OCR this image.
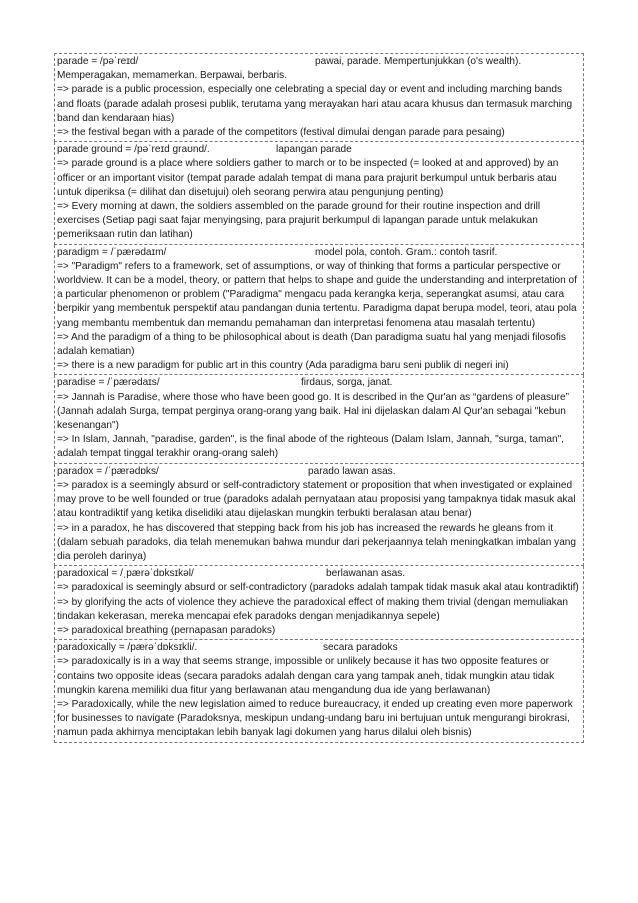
parade = /pəˈreɪd/	pawai, parade. Mempertunjukkan (o's wealth).
Memperagakan, memamerkan. Berpawai, berbaris.
=> parade is a public procession, especially one celebrating a special day or event and including marching bands and floats (parade adalah prosesi publik, terutama yang merayakan hari atau acara khusus dan termasuk marching band dan kendaraan hias)
=> the festival began with a parade of the competitors (festival dimulai dengan parade para pesaing)
parade ground = /pəˈreɪd graʊnd/.	lapangan parade
=> parade ground is a place where soldiers gather to march or to be inspected (= looked at and approved) by an officer or an important visitor (tempat parade adalah tempat di mana para prajurit berkumpul untuk berbaris atau untuk diperiksa (= dilihat dan disetujui) oleh seorang perwira atau pengunjung penting)
=> Every morning at dawn, the soldiers assembled on the parade ground for their routine inspection and drill exercises (Setiap pagi saat fajar menyingsing, para prajurit berkumpul di lapangan parade untuk melakukan pemeriksaan rutin dan latihan)
paradigm = /ˈpærədaɪm/	model pola, contoh. Gram.: contoh tasrif.
=> "Paradigm" refers to a framework, set of assumptions, or way of thinking that forms a particular perspective or worldview. It can be a model, theory, or pattern that helps to shape and guide the understanding and interpretation of a particular phenomenon or problem ("Paradigma" mengacu pada kerangka kerja, seperangkat asumsi, atau cara berpikir yang membentuk perspektif atau pandangan dunia tertentu. Paradigma dapat berupa model, teori, atau pola yang membantu membentuk dan memandu pemahaman dan interpretasi fenomena atau masalah tertentu)
=> And the paradigm of a thing to be philosophical about is death (Dan paradigma suatu hal yang menjadi filosofis adalah kematian)
=> there is a new paradigm for public art in this country (Ada paradigma baru seni publik di negeri ini)
paradise = /ˈpærədaɪs/	firdaus, sorga, janat.
=> Jannah is Paradise, where those who have been good go. It is described in the Qur'an as “gardens of pleasure” (Jannah adalah Surga, tempat perginya orang-orang yang baik. Hal ini dijelaskan dalam Al Qur'an sebagai "kebun kesenangan")
=> In Islam, Jannah, "paradise, garden", is the final abode of the righteous (Dalam Islam, Jannah, "surga, taman", adalah tempat tinggal terakhir orang-orang saleh)
paradox = /ˈpærədɒks/	parado lawan asas.
=> paradox is a seemingly absurd or self-contradictory statement or proposition that when investigated or explained may prove to be well founded or true (paradoks adalah pernyataan atau proposisi yang tampaknya tidak masuk akal atau kontradiktif yang ketika diselidiki atau dijelaskan mungkin terbukti beralasan atau benar)
=> in a paradox, he has discovered that stepping back from his job has increased the rewards he gleans from it (dalam sebuah paradoks, dia telah menemukan bahwa mundur dari pekerjaannya telah meningkatkan imbalan yang dia peroleh darinya)
paradoxical = /ˌpærəˈdɒksɪkəl/	berlawanan asas.
=> paradoxical is seemingly absurd or self-contradictory (paradoks adalah tampak tidak masuk akal atau kontradiktif)
=> by glorifying the acts of violence they achieve the paradoxical effect of making them trivial (dengan memuliakan tindakan kekerasan, mereka mencapai efek paradoks dengan menjadikannya sepele)
=> paradoxical breathing (pernapasan paradoks)
paradoxically = /pærəˈdɒksɪkli/.	secara paradoks
=> paradoxically is in a way that seems strange, impossible or unlikely because it has two opposite features or contains two opposite ideas (secara paradoks adalah dengan cara yang tampak aneh, tidak mungkin atau tidak mungkin karena memiliki dua fitur yang berlawanan atau mengandung dua ide yang berlawanan)
=> Paradoxically, while the new legislation aimed to reduce bureaucracy, it ended up creating even more paperwork for businesses to navigate (Paradoksnya, meskipun undang-undang baru ini bertujuan untuk mengurangi birokrasi, namun pada akhirnya menciptakan lebih banyak lagi dokumen yang harus dilalui oleh bisnis)
